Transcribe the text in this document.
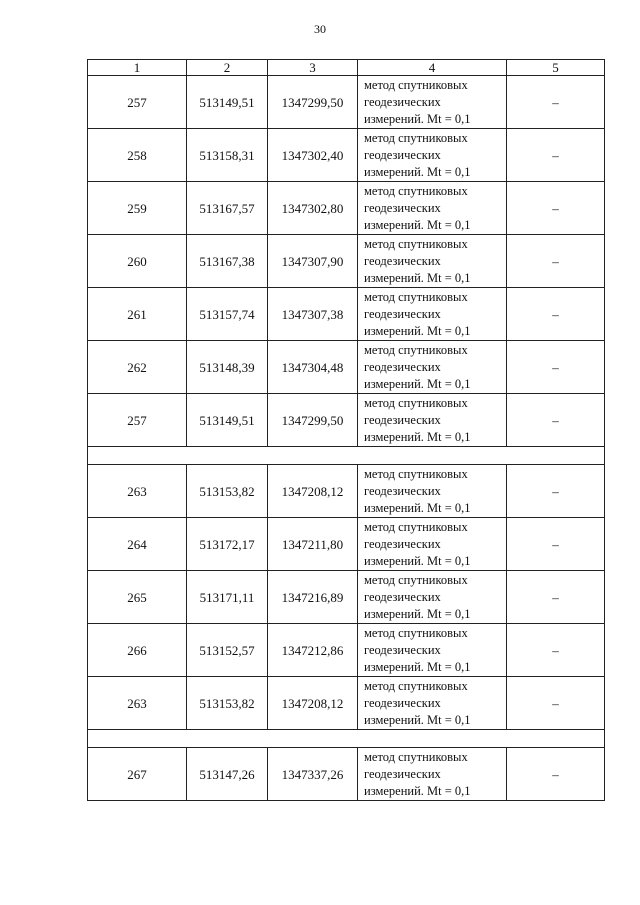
30
1	2	3	4	5
257	513149,51	1347299,50	метод спутниковых
геодезических
измерений. Mt = 0,1	–
258	513158,31	1347302,40	метод спутниковых
геодезических
измерений. Mt = 0,1	–
259	513167,57	1347302,80	метод спутниковых
геодезических
измерений. Mt = 0,1	–
260	513167,38	1347307,90	метод спутниковых
геодезических
измерений. Mt = 0,1	–
261	513157,74	1347307,38	метод спутниковых
геодезических
измерений. Mt = 0,1	–
262	513148,39	1347304,48	метод спутниковых
геодезических
измерений. Mt = 0,1	–
257	513149,51	1347299,50	метод спутниковых
геодезических
измерений. Mt = 0,1	–

263	513153,82	1347208,12	метод спутниковых
геодезических
измерений. Mt = 0,1	–
264	513172,17	1347211,80	метод спутниковых
геодезических
измерений. Mt = 0,1	–
265	513171,11	1347216,89	метод спутниковых
геодезических
измерений. Mt = 0,1	–
266	513152,57	1347212,86	метод спутниковых
геодезических
измерений. Mt = 0,1	–
263	513153,82	1347208,12	метод спутниковых
геодезических
измерений. Mt = 0,1	–

267	513147,26	1347337,26	метод спутниковых
геодезических
измерений. Mt = 0,1	–
